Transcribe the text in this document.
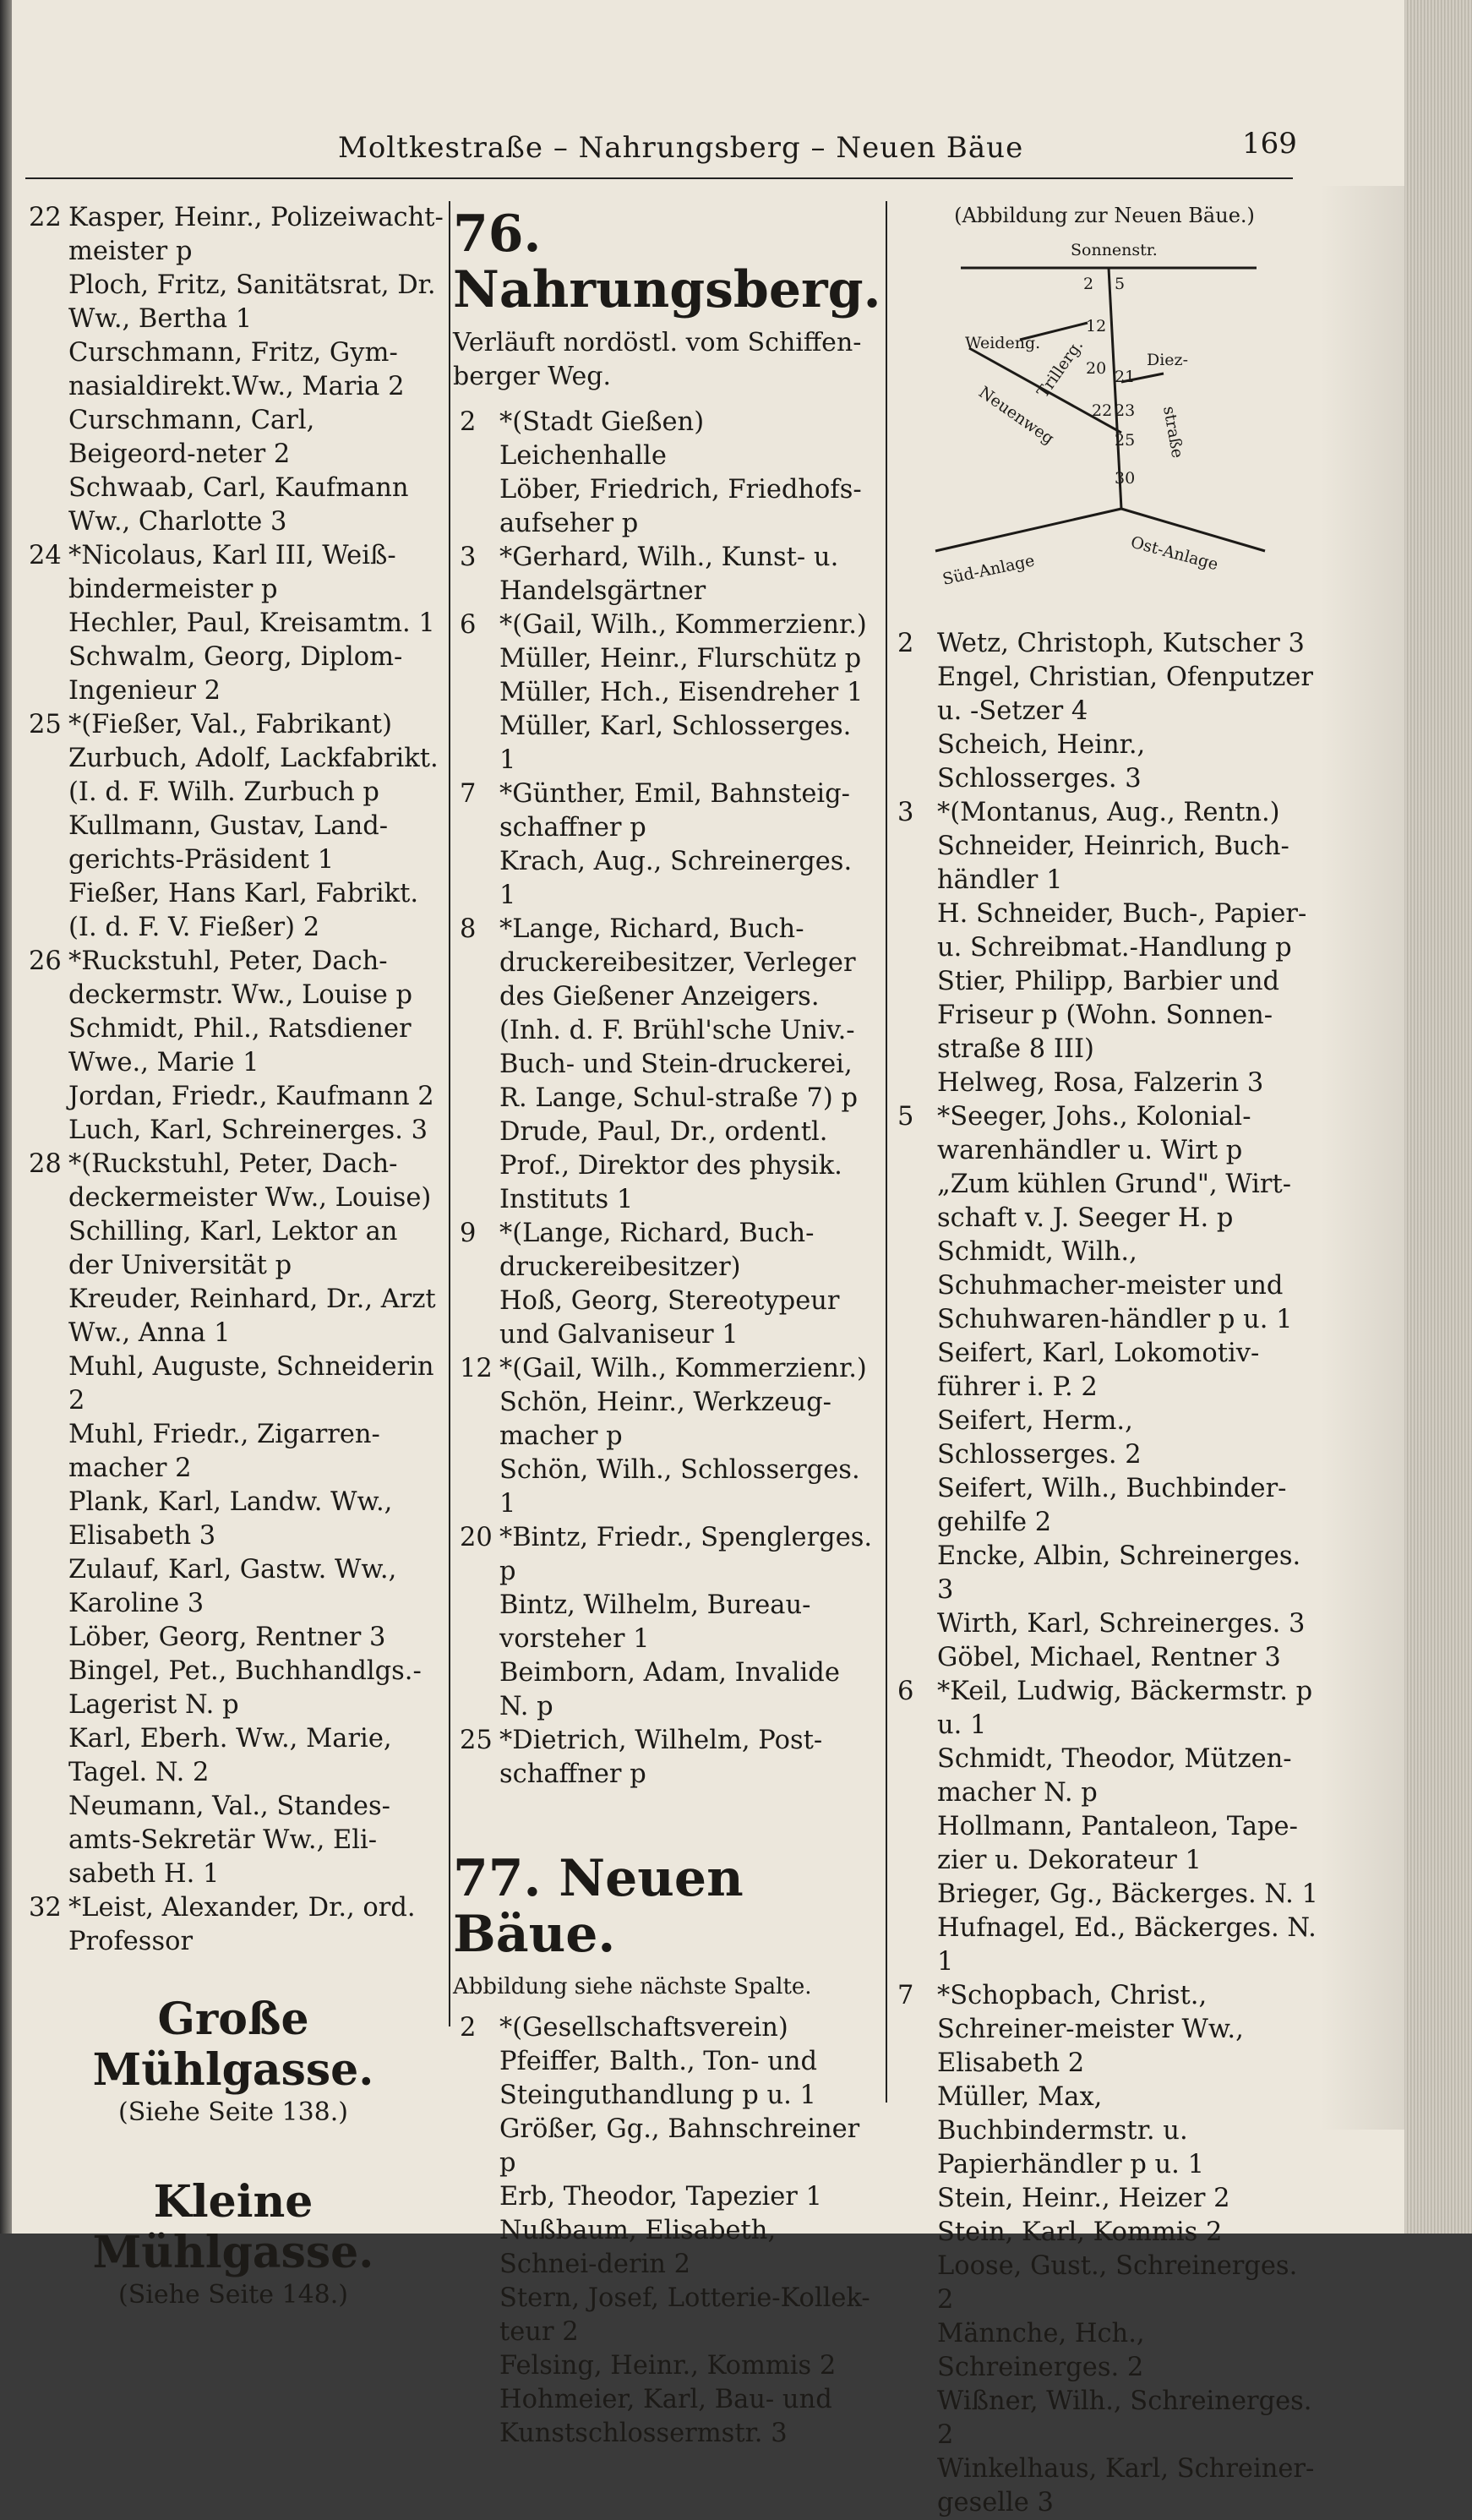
Moltkestraße – Nahrungsberg – Neuen Bäue	169
22 Kasper, Heinr., Polizeiwacht-meister p
Ploch, Fritz, Sanitätsrat, Dr. Ww., Bertha 1
Curschmann, Fritz, Gym-nasialdirekt.Ww., Maria 2
Curschmann, Carl, Beigeord-neter 2
Schwaab, Carl, Kaufmann Ww., Charlotte 3
24 *Nicolaus, Karl III, Weiß-bindermeister p
Hechler, Paul, Kreisamtm. 1
Schwalm, Georg, Diplom-Ingenieur 2
25 *(Fießer, Val., Fabrikant)
Zurbuch, Adolf, Lackfabrikt. (I. d. F. Wilh. Zurbuch p
Kullmann, Gustav, Land-gerichts-Präsident 1
Fießer, Hans Karl, Fabrikt. (I. d. F. V. Fießer) 2
26 *Ruckstuhl, Peter, Dach-deckermstr. Ww., Louise p
Schmidt, Phil., Ratsdiener Wwe., Marie 1
Jordan, Friedr., Kaufmann 2
Luch, Karl, Schreinerges. 3
28 *(Ruckstuhl, Peter, Dach-deckermeister Ww., Louise)
Schilling, Karl, Lektor an der Universität p
Kreuder, Reinhard, Dr., Arzt Ww., Anna 1
Muhl, Auguste, Schneiderin 2
Muhl, Friedr., Zigarren-macher 2
Plank, Karl, Landw. Ww., Elisabeth 3
Zulauf, Karl, Gastw. Ww., Karoline 3
Löber, Georg, Rentner 3
Bingel, Pet., Buchhandlgs.-Lagerist N. p
Karl, Eberh. Ww., Marie, Tagel. N. 2
Neumann, Val., Standes-amts-Sekretär Ww., Eli-sabeth H. 1
32 *Leist, Alexander, Dr., ord. Professor
Große Mühlgasse.
(Siehe Seite 138.)
Kleine Mühlgasse.
(Siehe Seite 148.)
76. Nahrungsberg.
Verläuft nordöstl. vom Schiffen-berger Weg.
2 *(Stadt Gießen) Leichenhalle
Löber, Friedrich, Friedhofs-aufseher p
3 *Gerhard, Wilh., Kunst- u. Handelsgärtner
6 *(Gail, Wilh., Kommerzienr.)
Müller, Heinr., Flurschütz p
Müller, Hch., Eisendreher 1
Müller, Karl, Schlosserges. 1
7 *Günther, Emil, Bahnsteig-schaffner p
Krach, Aug., Schreinerges. 1
8 *Lange, Richard, Buch-druckereibesitzer, Verleger des Gießener Anzeigers. (Inh. d. F. Brühl'sche Univ.-Buch- und Stein-druckerei, R. Lange, Schul-straße 7) p
Drude, Paul, Dr., ordentl. Prof., Direktor des physik. Instituts 1
9 *(Lange, Richard, Buch-druckereibesitzer)
Hoß, Georg, Stereotypeur und Galvaniseur 1
12 *(Gail, Wilh., Kommerzienr.)
Schön, Heinr., Werkzeug-macher p
Schön, Wilh., Schlosserges. 1
20 *Bintz, Friedr., Spenglerges. p
Bintz, Wilhelm, Bureau-vorsteher 1
Beimborn, Adam, Invalide N. p
25 *Dietrich, Wilhelm, Post-schaffner p
77. Neuen Bäue.
Abbildung siehe nächste Spalte.
2 *(Gesellschaftsverein)
Pfeiffer, Balth., Ton- und Steinguthandlung p u. 1
Größer, Gg., Bahnschreiner p
Erb, Theodor, Tapezier 1
Nußbaum, Elisabeth, Schnei-derin 2
Stern, Josef, Lotterie-Kollek-teur 2
Felsing, Heinr., Kommis 2
Hohmeier, Karl, Bau- und Kunstschlossermstr. 3
(Abbildung zur Neuen Bäue.)
Sonnenstr.
Weideng.
Trillerg.
Neuenweg
Diez-
straße
Süd-Anlage	Ost-Anlage
2 5
12
20 21
22 23
25
30
2 Wetz, Christoph, Kutscher 3
Engel, Christian, Ofenputzer u. -Setzer 4
Scheich, Heinr., Schlosserges. 3
3 *(Montanus, Aug., Rentn.)
Schneider, Heinrich, Buch-händler 1
H. Schneider, Buch-, Papier- u. Schreibmat.-Handlung p
Stier, Philipp, Barbier und Friseur p (Wohn. Sonnen-straße 8 III)
Helweg, Rosa, Falzerin 3
5 *Seeger, Johs., Kolonial-warenhändler u. Wirt p „Zum kühlen Grund", Wirt-schaft v. J. Seeger H. p
Schmidt, Wilh., Schuhmacher-meister und Schuhwaren-händler p u. 1
Seifert, Karl, Lokomotiv-führer i. P. 2
Seifert, Herm., Schlosserges. 2
Seifert, Wilh., Buchbinder-gehilfe 2
Encke, Albin, Schreinerges. 3
Wirth, Karl, Schreinerges. 3
Göbel, Michael, Rentner 3
6 *Keil, Ludwig, Bäckermstr. p u. 1
Schmidt, Theodor, Mützen-macher N. p
Hollmann, Pantaleon, Tape-zier u. Dekorateur 1
Brieger, Gg., Bäckerges. N. 1
Hufnagel, Ed., Bäckerges. N. 1
7 *Schopbach, Christ., Schreiner-meister Ww., Elisabeth 2
Müller, Max, Buchbindermstr. u. Papierhändler p u. 1
Stein, Heinr., Heizer 2
Stein, Karl, Kommis 2
Loose, Gust., Schreinerges. 2
Männche, Hch., Schreinerges. 2
Wißner, Wilh., Schreinerges. 2
Winkelhaus, Karl, Schreiner-geselle 3
